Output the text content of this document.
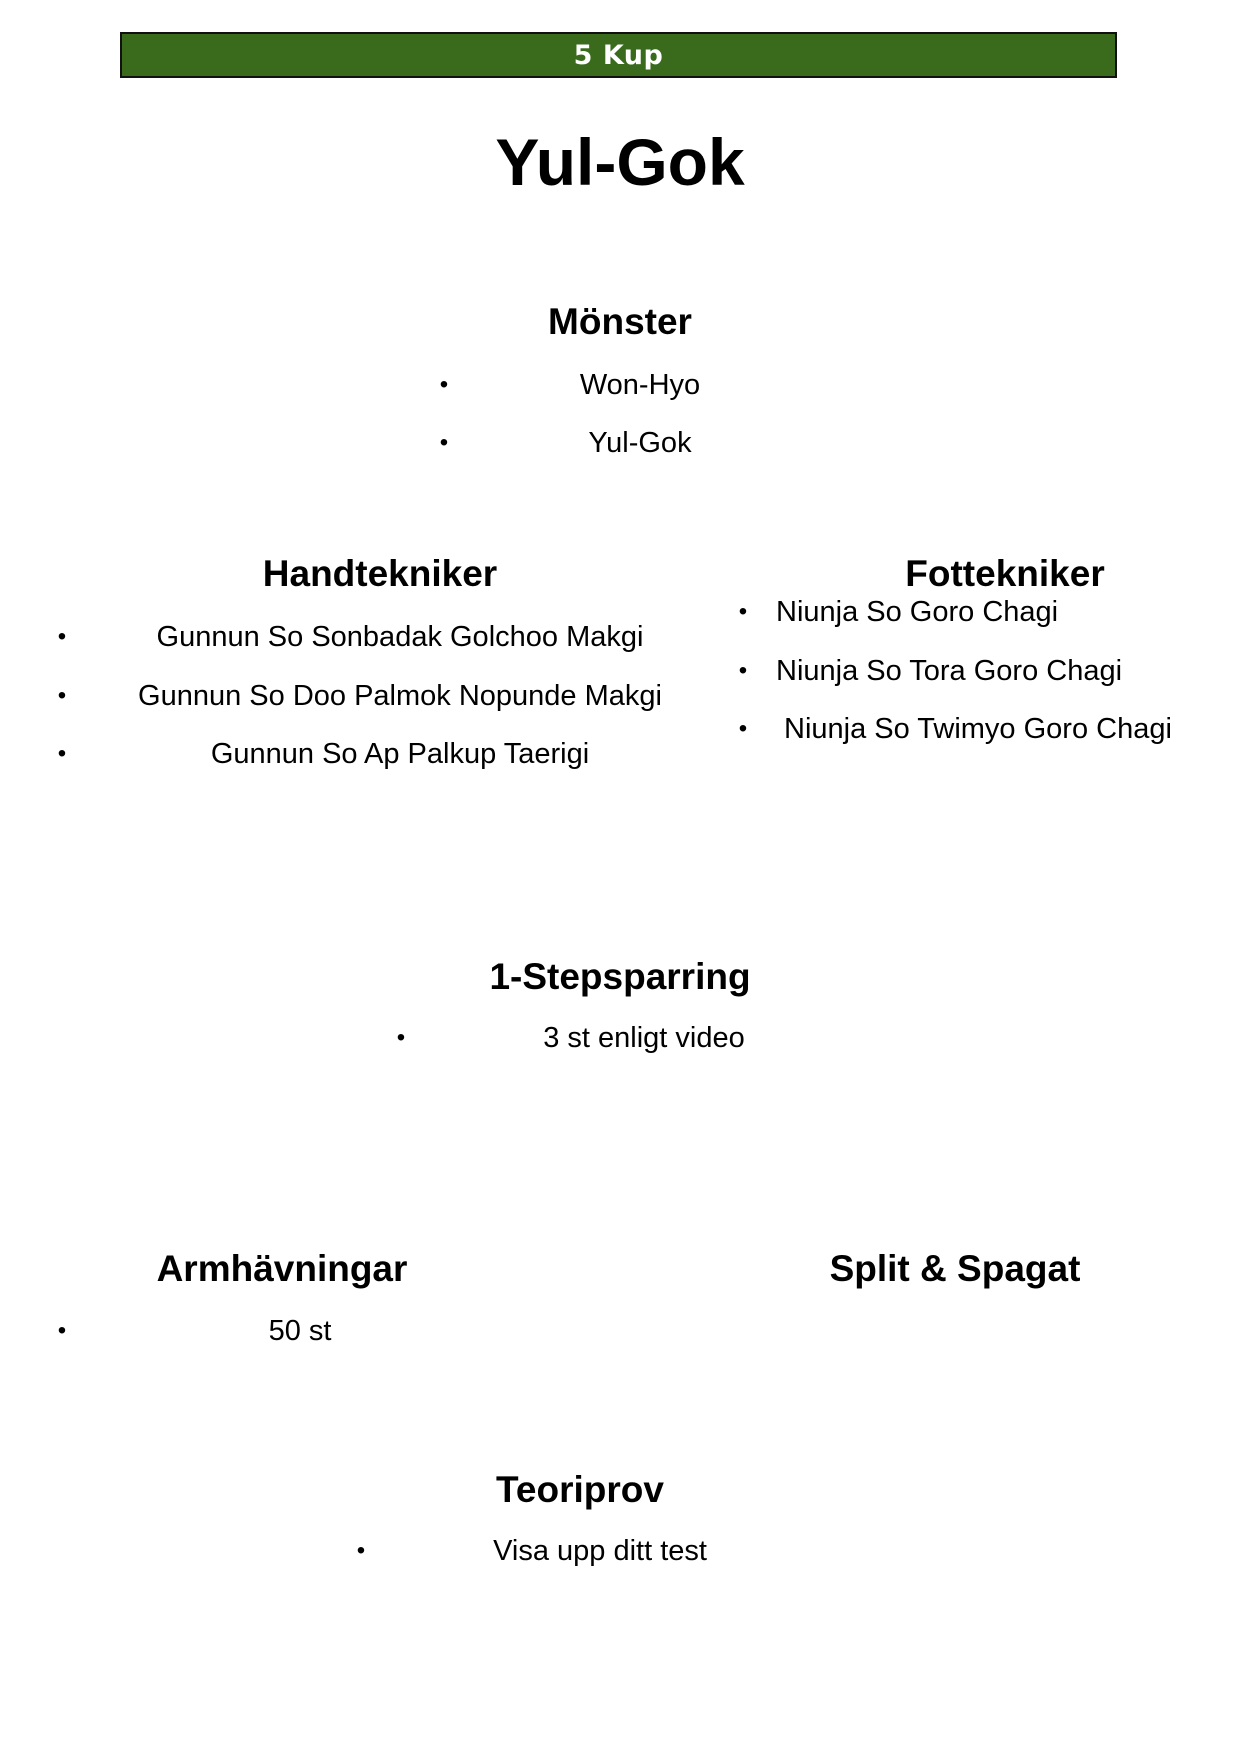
5 Kup
Yul-Gok
Mönster
•	Won-Hyo
•	Yul-Gok
Handtekniker
•	Gunnun So Sonbadak Golchoo Makgi
•	Gunnun So Doo Palmok Nopunde Makgi
•	Gunnun So Ap Palkup Taerigi
Fottekniker
• Niunja So Goro Chagi
• Niunja So Tora Goro Chagi
• Niunja So Twimyo Goro Chagi
1-Stepsparring
•	3 st enligt video
Armhävningar
•	50 st
Split & Spagat
Teoriprov
•	Visa upp ditt test
